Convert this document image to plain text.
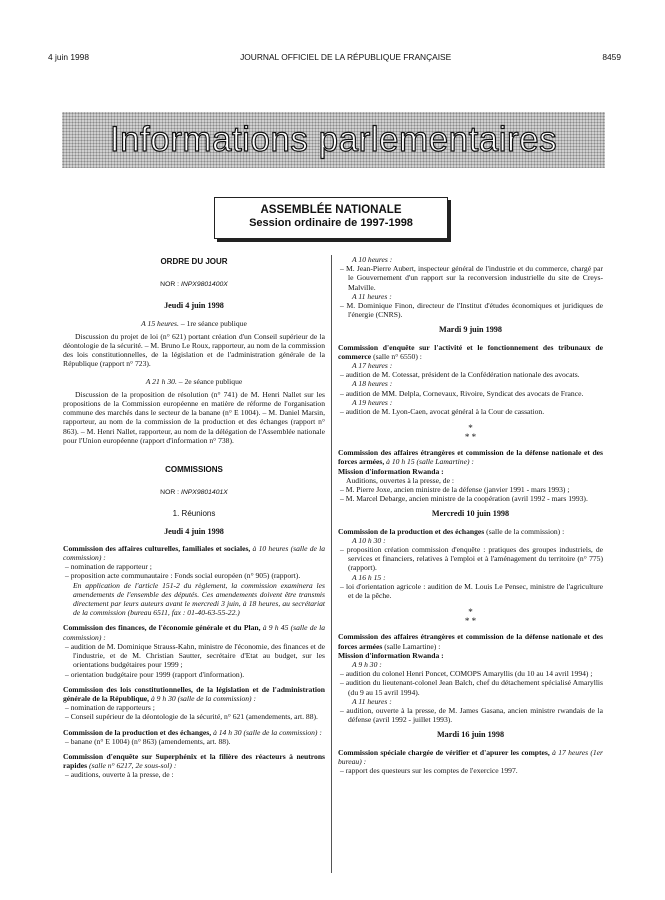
4 juin 1998	JOURNAL OFFICIEL DE LA RÉPUBLIQUE FRANÇAISE	8459
Informations parlementaires
ASSEMBLÉE NATIONALE
Session ordinaire de 1997-1998
ORDRE DU JOUR
NOR : INPX9801400X
Jeudi 4 juin 1998
A 15 heures. – 1re séance publique

Discussion du projet de loi (n° 621) portant création d'un Conseil supérieur de la déontologie de la sécurité. – M. Bruno Le Roux, rapporteur, au nom de la commission des lois constitutionnelles, de la législation et de l'administration générale de la République (rapport n° 723).

A 21 h 30. – 2e séance publique

Discussion de la proposition de résolution (n° 741) de M. Henri Nallet sur les propositions de la Commission européenne en matière de réforme de l'organisation commune des marchés dans le secteur de la banane (n° E 1004). – M. Daniel Marsin, rapporteur, au nom de la commission de la production et des échanges (rapport n° 863). – M. Henri Nallet, rapporteur, au nom de la délégation de l'Assemblée nationale pour l'Union européenne (rapport d'information n° 738).

COMMISSIONS
NOR : INPX9801401X
1. Réunions
Jeudi 4 juin 1998
Commission des affaires culturelles, familiales et sociales, à 10 heures (salle de la commission) :

– nomination de rapporteur ;

– proposition acte communautaire : Fonds social européen (n° 905) (rapport).

En application de l'article 151-2 du règlement, la commission examinera les amendements de l'ensemble des députés. Ces amendements doivent être transmis directement par leurs auteurs avant le mercredi 3 juin, à 18 heures, au secrétariat de la commission (bureau 6511, fax : 01-40-63-55-22.)

Commission des finances, de l'économie générale et du Plan, à 9 h 45 (salle de la commission) :

– audition de M. Dominique Strauss-Kahn, ministre de l'économie, des finances et de l'industrie, et de M. Christian Sautter, secrétaire d'Etat au budget, sur les orientations budgétaires pour 1999 ;

– orientation budgétaire pour 1999 (rapport d'information).

Commission des lois constitutionnelles, de la législation et de l'administration générale de la République, à 9 h 30 (salle de la commission) :

– nomination de rapporteurs ;

– Conseil supérieur de la déontologie de la sécurité, n° 621 (amendements, art. 88).

Commission de la production et des échanges, à 14 h 30 (salle de la commission) :

– banane (n° E 1004) (n° 863) (amendements, art. 88).

Commission d'enquête sur Superphénix et la filière des réacteurs à neutrons rapides (salle n° 6217, 2e sous-sol) :

– auditions, ouverte à la presse, de :

A 10 heures :

– M. Jean-Pierre Aubert, inspecteur général de l'industrie et du commerce, chargé par le Gouvernement d'un rapport sur la reconversion industrielle du site de Creys-Malville.

A 11 heures :

– M. Dominique Finon, directeur de l'Institut d'études économiques et juridiques de l'énergie (CNRS).

Mardi 9 juin 1998
Commission d'enquête sur l'activité et le fonctionnement des tribunaux de commerce (salle n° 6550) :

A 17 heures :

– audition de M. Cotessat, président de la Confédération nationale des avocats.

A 18 heures :

– audition de MM. Delpla, Cornevaux, Rivoire, Syndicat des avocats de France.

A 19 heures :

– audition de M. Lyon-Caen, avocat général à la Cour de cassation.

*
* *
Commission des affaires étrangères et commission de la défense nationale et des forces armées, à 10 h 15 (salle Lamartine) :

Mission d'information Rwanda :

Auditions, ouvertes à la presse, de :

– M. Pierre Joxe, ancien ministre de la défense (janvier 1991 - mars 1993) ;

– M. Marcel Debarge, ancien ministre de la coopération (avril 1992 - mars 1993).

Mercredi 10 juin 1998
Commission de la production et des échanges (salle de la commission) :

A 10 h 30 :

– proposition création commission d'enquête : pratiques des groupes industriels, de services et financiers, relatives à l'emploi et à l'aménagement du territoire (n° 775) (rapport).

A 16 h 15 :

– loi d'orientation agricole : audition de M. Louis Le Pensec, ministre de l'agriculture et de la pêche.

*
* *
Commission des affaires étrangères et commission de la défense nationale et des forces armées (salle Lamartine) :

Mission d'information Rwanda :

A 9 h 30 :

– audition du colonel Henri Poncet, COMOPS Amaryllis (du 10 au 14 avril 1994) ;

– audition du lieutenant-colonel Jean Balch, chef du détachement spécialisé Amaryllis (du 9 au 15 avril 1994).

A 11 heures :

– audition, ouverte à la presse, de M. James Gasana, ancien ministre rwandais de la défense (avril 1992 - juillet 1993).

Mardi 16 juin 1998
Commission spéciale chargée de vérifier et d'apurer les comptes, à 17 heures (1er bureau) :

– rapport des questeurs sur les comptes de l'exercice 1997.
